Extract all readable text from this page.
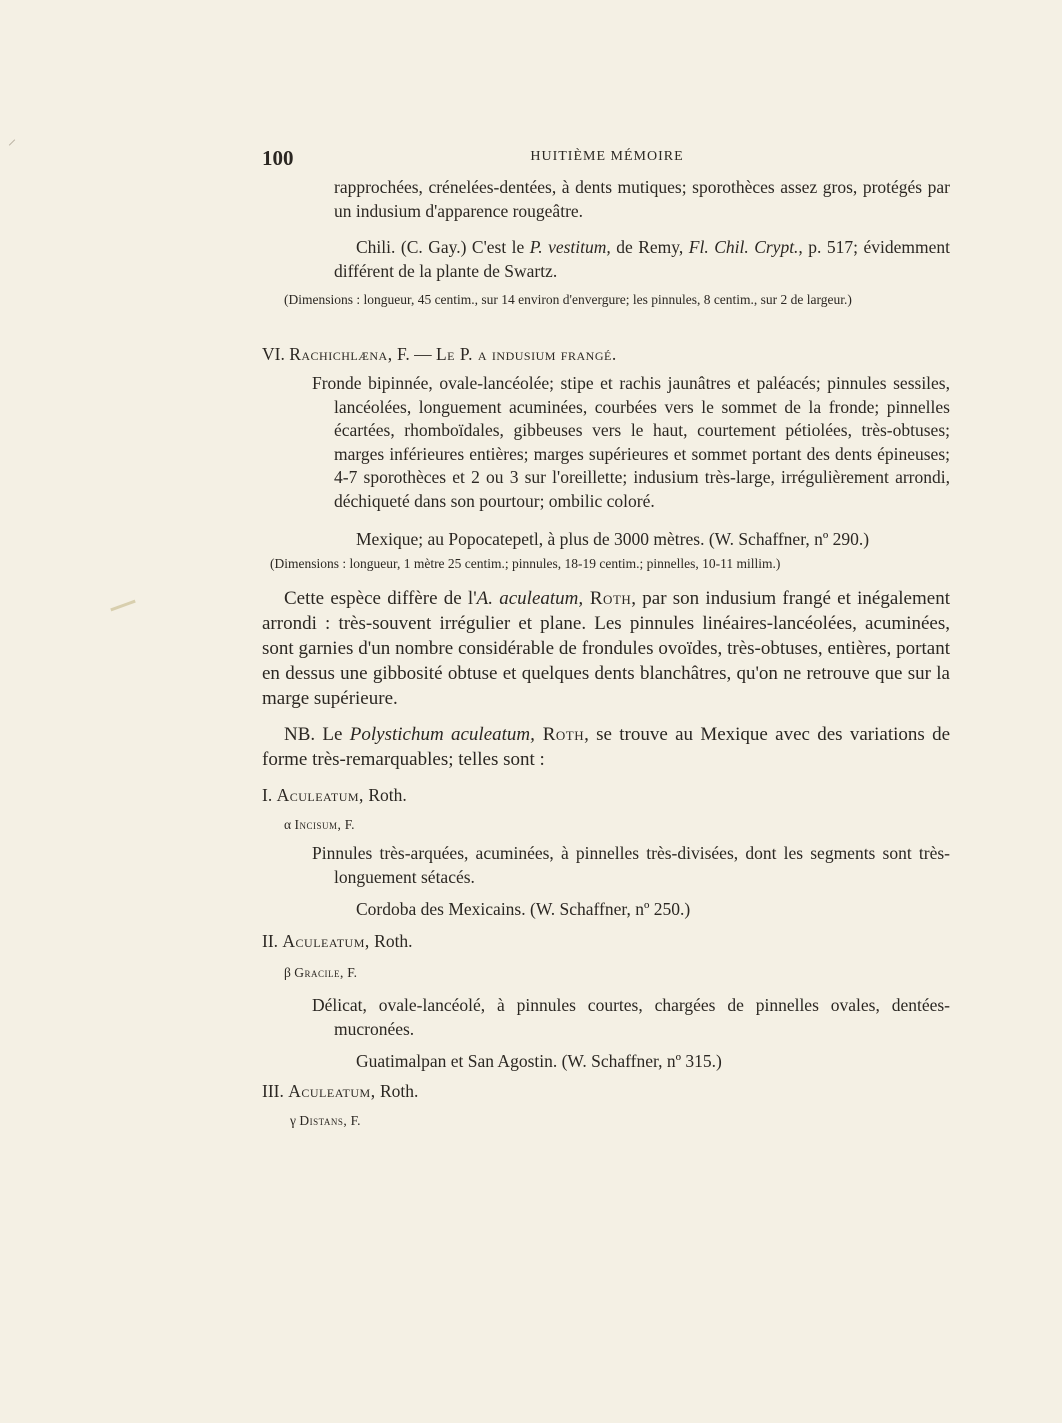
100	HUITIÈME MÉMOIRE

rapprochées, crénelées-dentées, à dents mutiques; sporothèces assez gros, protégés par un indusium d'apparence rougeâtre.

Chili. (C. Gay.) C'est le P. vestitum, de Remy, Fl. Chil. Crypt., p. 517; évidemment différent de la plante de Swartz.

(Dimensions : longueur, 45 centim., sur 14 environ d'envergure; les pinnules, 8 centim., sur 2 de largeur.)

VI. Rachichlæna, F. — Le P. a indusium frangé.

Fronde bipinnée, ovale-lancéolée; stipe et rachis jaunâtres et paléacés; pinnules sessiles, lancéolées, longuement acuminées, courbées vers le sommet de la fronde; pinnelles écartées, rhomboïdales, gibbeuses vers le haut, courtement pétiolées, très-obtuses; marges inférieures entières; marges supérieures et sommet portant des dents épineuses; 4-7 sporothèces et 2 ou 3 sur l'oreillette; indusium très-large, irrégulièrement arrondi, déchiqueté dans son pourtour; ombilic coloré.

Mexique; au Popocatepetl, à plus de 3000 mètres. (W. Schaffner, nº 290.)

(Dimensions : longueur, 1 mètre 25 centim.; pinnules, 18-19 centim.; pinnelles, 10-11 millim.)

Cette espèce diffère de l'A. aculeatum, Roth, par son indusium frangé et inégalement arrondi : très-souvent irrégulier et plane. Les pinnules linéaires-lancéolées, acuminées, sont garnies d'un nombre considérable de frondules ovoïdes, très-obtuses, entières, portant en dessus une gibbosité obtuse et quelques dents blanchâtres, qu'on ne retrouve que sur la marge supérieure.

NB. Le Polystichum aculeatum, Roth, se trouve au Mexique avec des variations de forme très-remarquables; telles sont :

I. Aculeatum, Roth.

α Incisum, F.

Pinnules très-arquées, acuminées, à pinnelles très-divisées, dont les segments sont très-longuement sétacés.

Cordoba des Mexicains. (W. Schaffner, nº 250.)

II. Aculeatum, Roth.

β Gracile, F.

Délicat, ovale-lancéolé, à pinnules courtes, chargées de pinnelles ovales, dentées-mucronées.

Guatimalpan et San Agostin. (W. Schaffner, nº 315.)

III. Aculeatum, Roth.

γ Distans, F.
